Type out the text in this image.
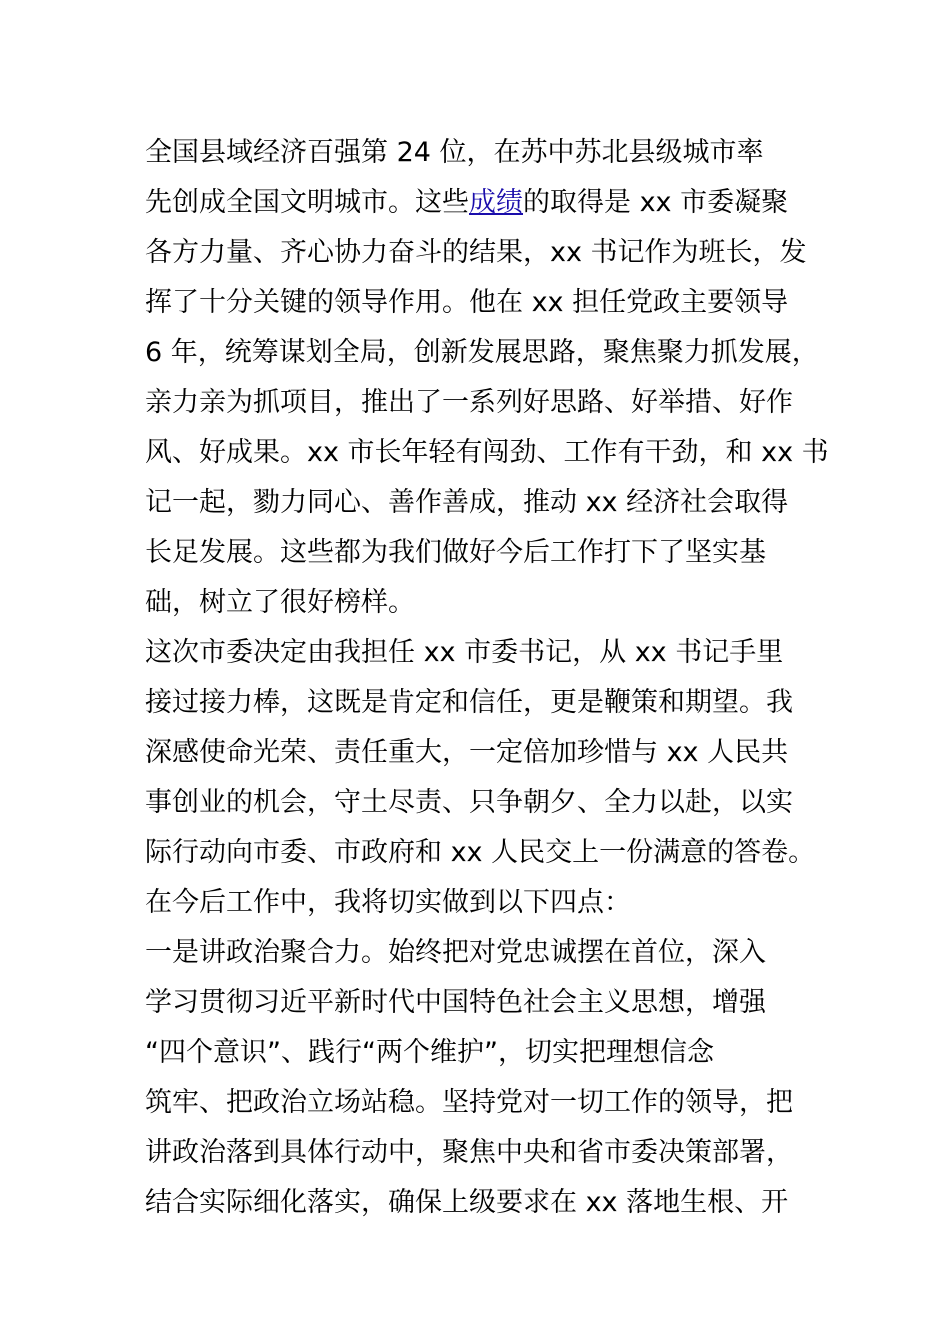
全国县域经济百强第 24 位，在苏中苏北县级城市率
先创成全国文明城市。这些成绩的取得是 xx 市委凝聚
各方力量、齐心协力奋斗的结果，xx 书记作为班长，发
挥了十分关键的领导作用。他在 xx 担任党政主要领导
6 年，统筹谋划全局，创新发展思路，聚焦聚力抓发展，
亲力亲为抓项目，推出了一系列好思路、好举措、好作
风、好成果。xx 市长年轻有闯劲、工作有干劲，和 xx 书
记一起，勠力同心、善作善成，推动 xx 经济社会取得
长足发展。这些都为我们做好今后工作打下了坚实基
础，树立了很好榜样。
这次市委决定由我担任 xx 市委书记，从 xx 书记手里
接过接力棒，这既是肯定和信任，更是鞭策和期望。我
深感使命光荣、责任重大，一定倍加珍惜与 xx 人民共
事创业的机会，守土尽责、只争朝夕、全力以赴，以实
际行动向市委、市政府和 xx 人民交上一份满意的答卷。
在今后工作中，我将切实做到以下四点：
一是讲政治聚合力。始终把对党忠诚摆在首位，深入
学习贯彻习近平新时代中国特色社会主义思想，增强
“四个意识”、践行“两个维护”，切实把理想信念
筑牢、把政治立场站稳。坚持党对一切工作的领导，把
讲政治落到具体行动中，聚焦中央和省市委决策部署，
结合实际细化落实，确保上级要求在 xx 落地生根、开
